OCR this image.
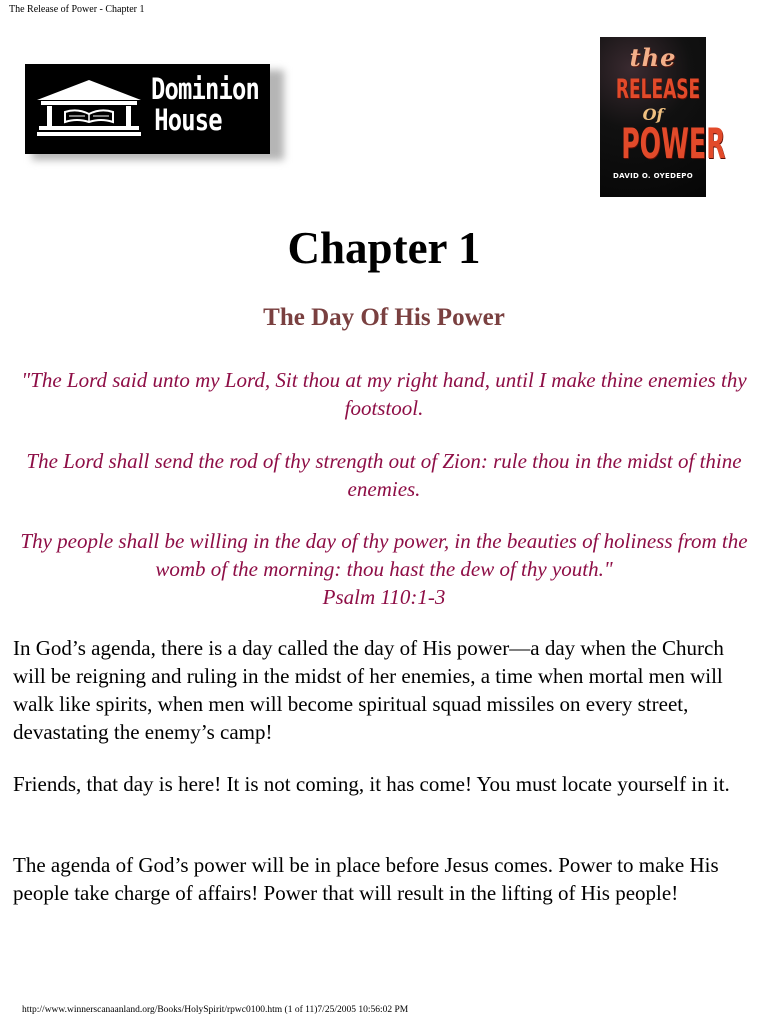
The Release of Power - Chapter 1
Dominion
House
the
RELEASE
Of
POWER
DAVID O. OYEDEPO
Chapter 1
The Day Of His Power

"The Lord said unto my Lord, Sit thou at my right hand, until I make thine enemies thy footstool.

The Lord shall send the rod of thy strength out of Zion: rule thou in the midst of thine enemies.

Thy people shall be willing in the day of thy power, in the beauties of holiness from the womb of the morning: thou hast the dew of thy youth."

Psalm 110:1-3

In God’s agenda, there is a day called the day of His power—a day when the Church will be reigning and ruling in the midst of her enemies, a time when mortal men will walk like spirits, when men will become spiritual squad missiles on every street, devastating the enemy’s camp!

Friends, that day is here! It is not coming, it has come! You must locate yourself in it.

The agenda of God’s power will be in place before Jesus comes. Power to make His people take charge of affairs! Power that will result in the lifting of His people!

http://www.winnerscanaanland.org/Books/HolySpirit/rpwc0100.htm (1 of 11)7/25/2005 10:56:02 PM
